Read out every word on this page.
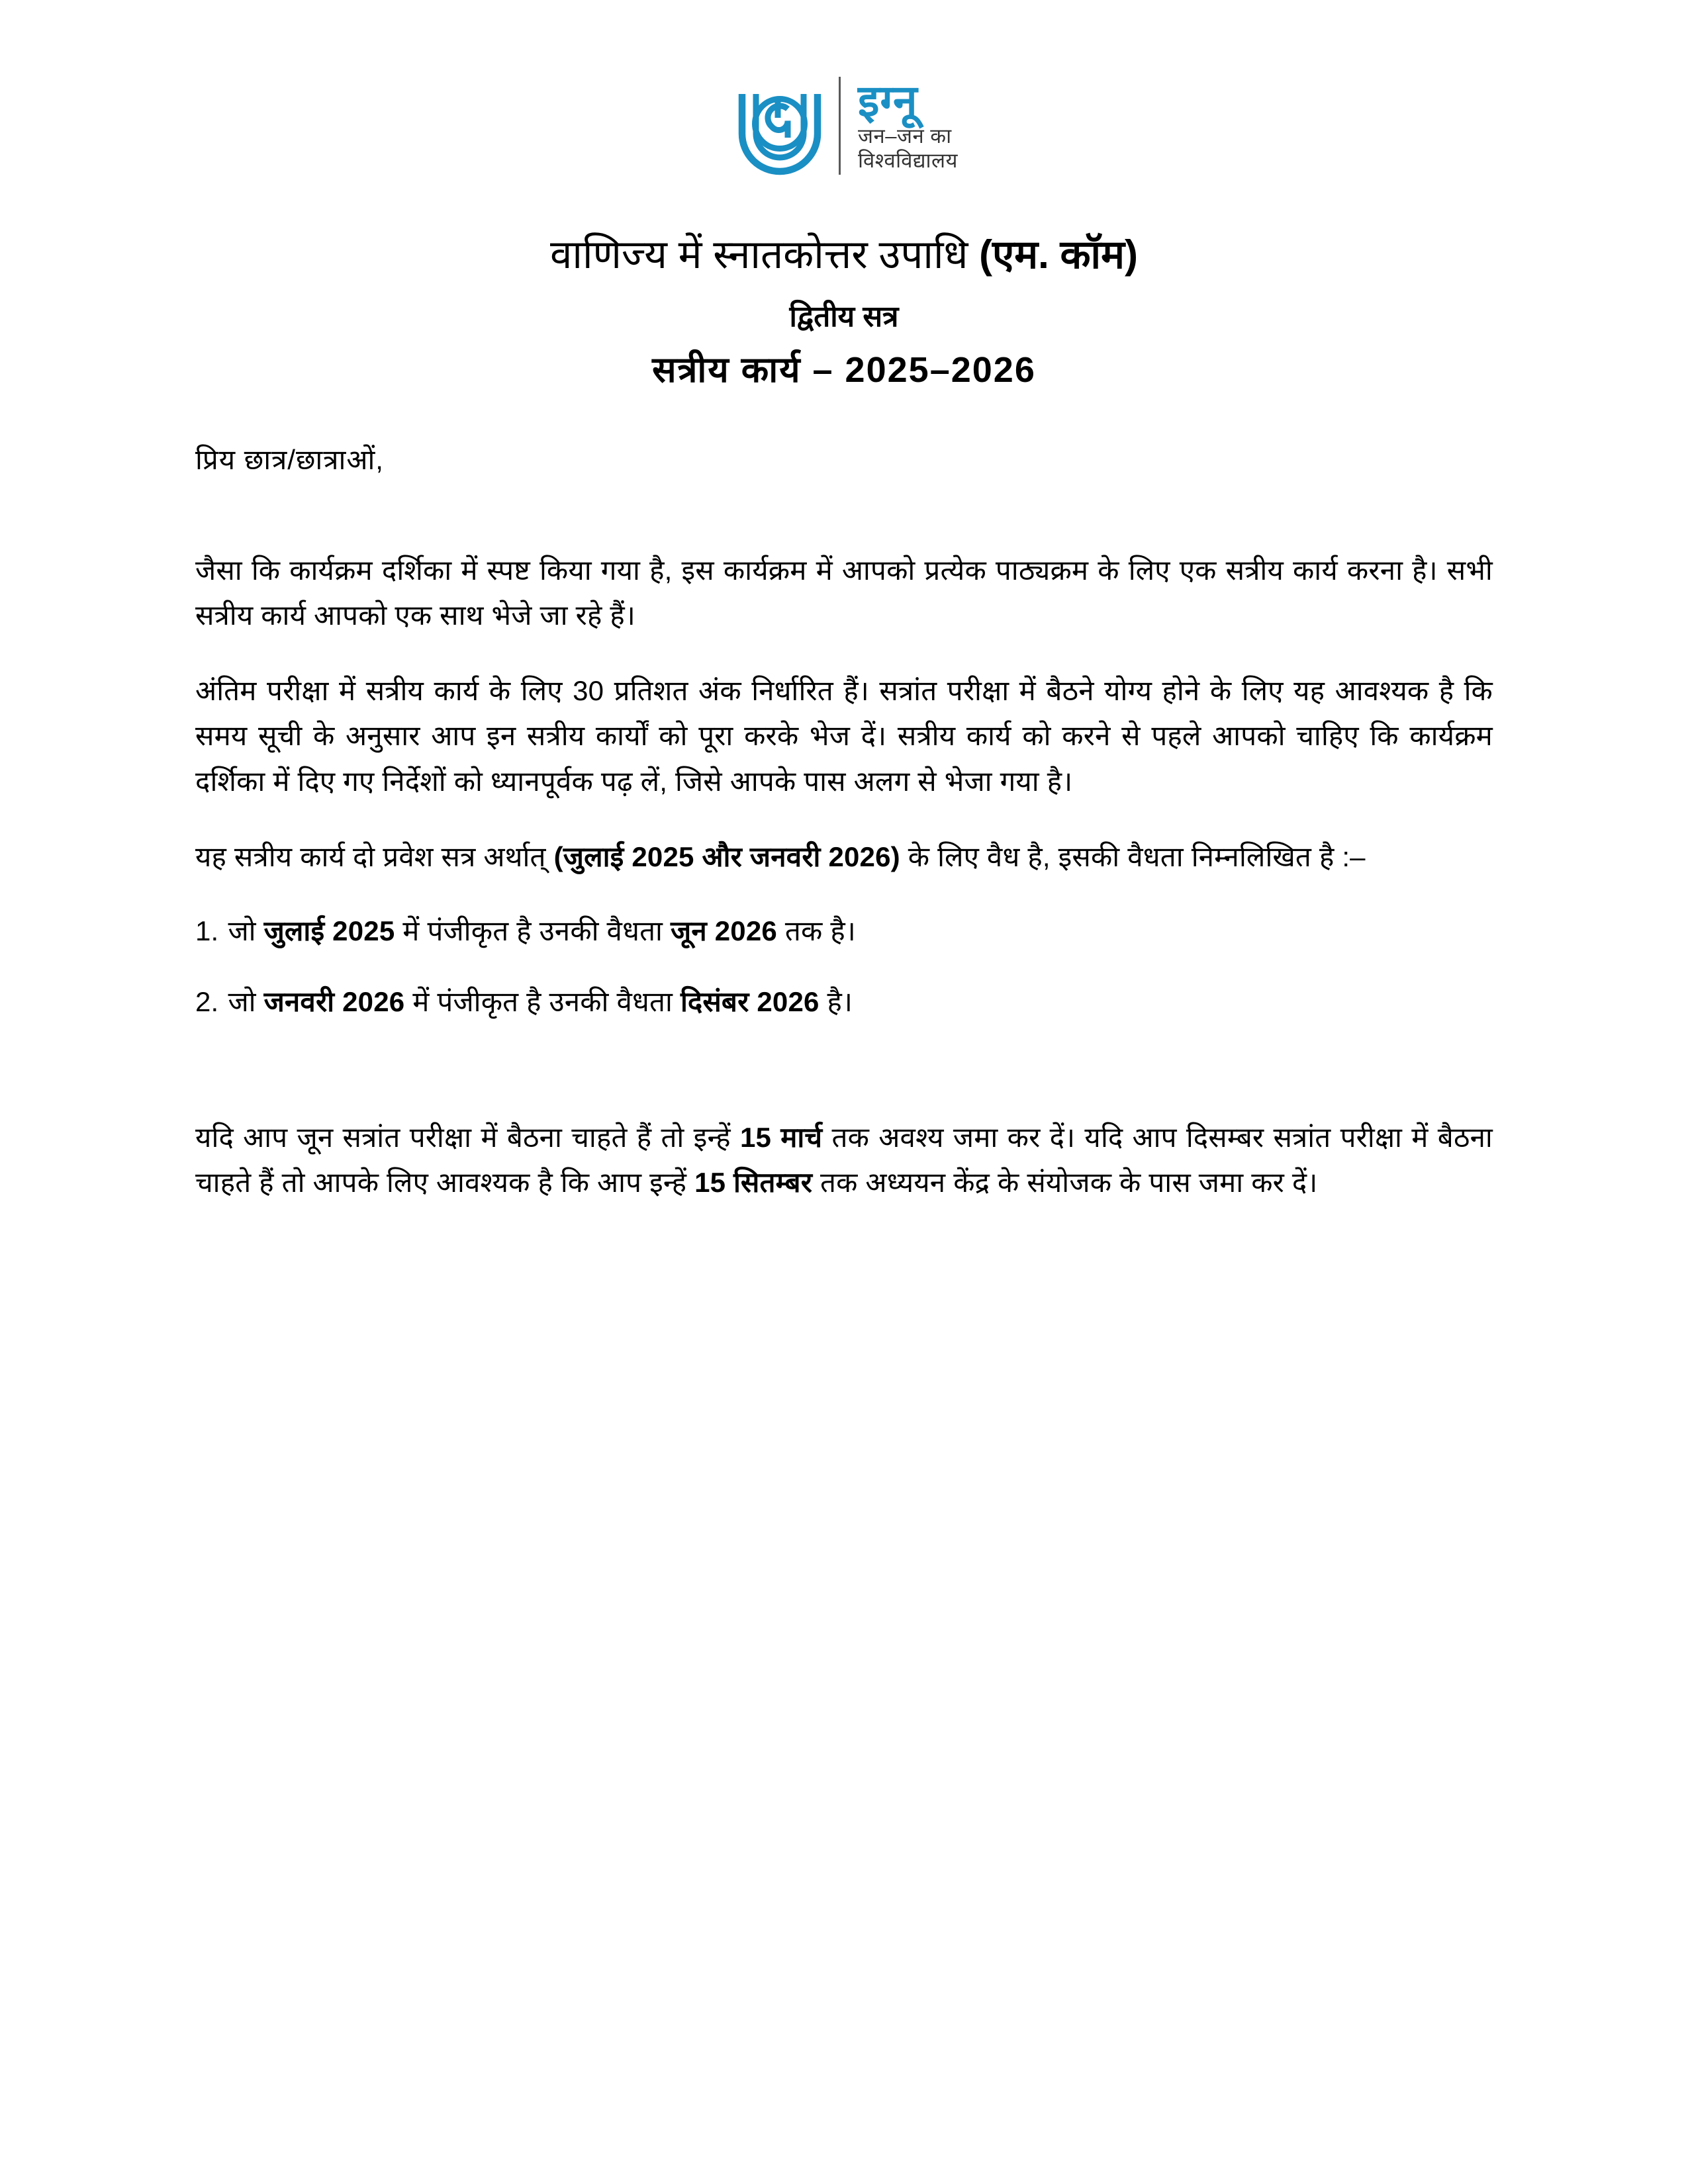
इग्नू
जन–जन का
विश्वविद्यालय
वाणिज्य में स्नातकोत्तर उपाधि (एम. कॉम)
द्वितीय सत्र
सत्रीय कार्य – 2025–2026

प्रिय छात्र/छात्राओं,

जैसा कि कार्यक्रम दर्शिका में स्पष्ट किया गया है, इस कार्यक्रम में आपको प्रत्येक पाठ्यक्रम के लिए एक सत्रीय कार्य करना है। सभी सत्रीय कार्य आपको एक साथ भेजे जा रहे हैं।

अंतिम परीक्षा में सत्रीय कार्य के लिए 30 प्रतिशत अंक निर्धारित हैं। सत्रांत परीक्षा में बैठने योग्य होने के लिए यह आवश्यक है कि समय सूची के अनुसार आप इन सत्रीय कार्यों को पूरा करके भेज दें। सत्रीय कार्य को करने से पहले आपको चाहिए कि कार्यक्रम दर्शिका में दिए गए निर्देशों को ध्यानपूर्वक पढ़ लें, जिसे आपके पास अलग से भेजा गया है।

यह सत्रीय कार्य दो प्रवेश सत्र अर्थात् (जुलाई 2025 और जनवरी 2026) के लिए वैध है, इसकी वैधता निम्नलिखित है :–

1. जो जुलाई 2025 में पंजीकृत है उनकी वैधता जून 2026 तक है।

2. जो जनवरी 2026 में पंजीकृत है उनकी वैधता दिसंबर 2026 है।

यदि आप जून सत्रांत परीक्षा में बैठना चाहते हैं तो इन्हें 15 मार्च तक अवश्य जमा कर दें। यदि आप दिसम्बर सत्रांत परीक्षा में बैठना चाहते हैं तो आपके लिए आवश्यक है कि आप इन्हें 15 सितम्बर तक अध्ययन केंद्र के संयोजक के पास जमा कर दें।
